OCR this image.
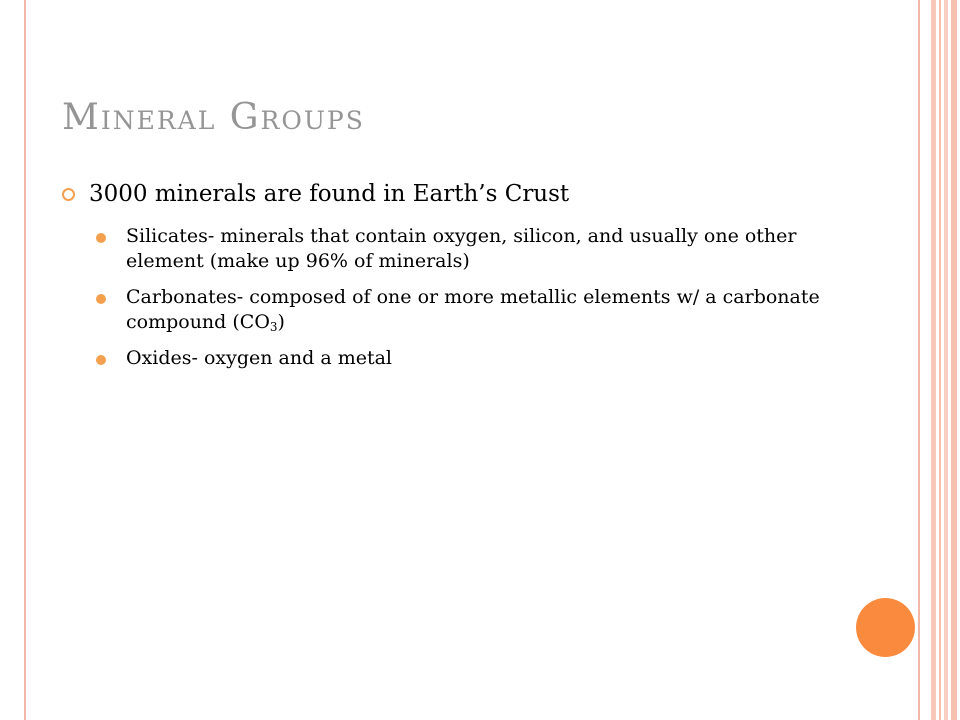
Mineral Groups
3000 minerals are found in Earth’s Crust
Silicates- minerals that contain oxygen, silicon, and usually one other element (make up 96% of minerals)
Carbonates- composed of one or more metallic elements w/ a carbonate compound $(CO_3)$
Oxides- oxygen and a metal
